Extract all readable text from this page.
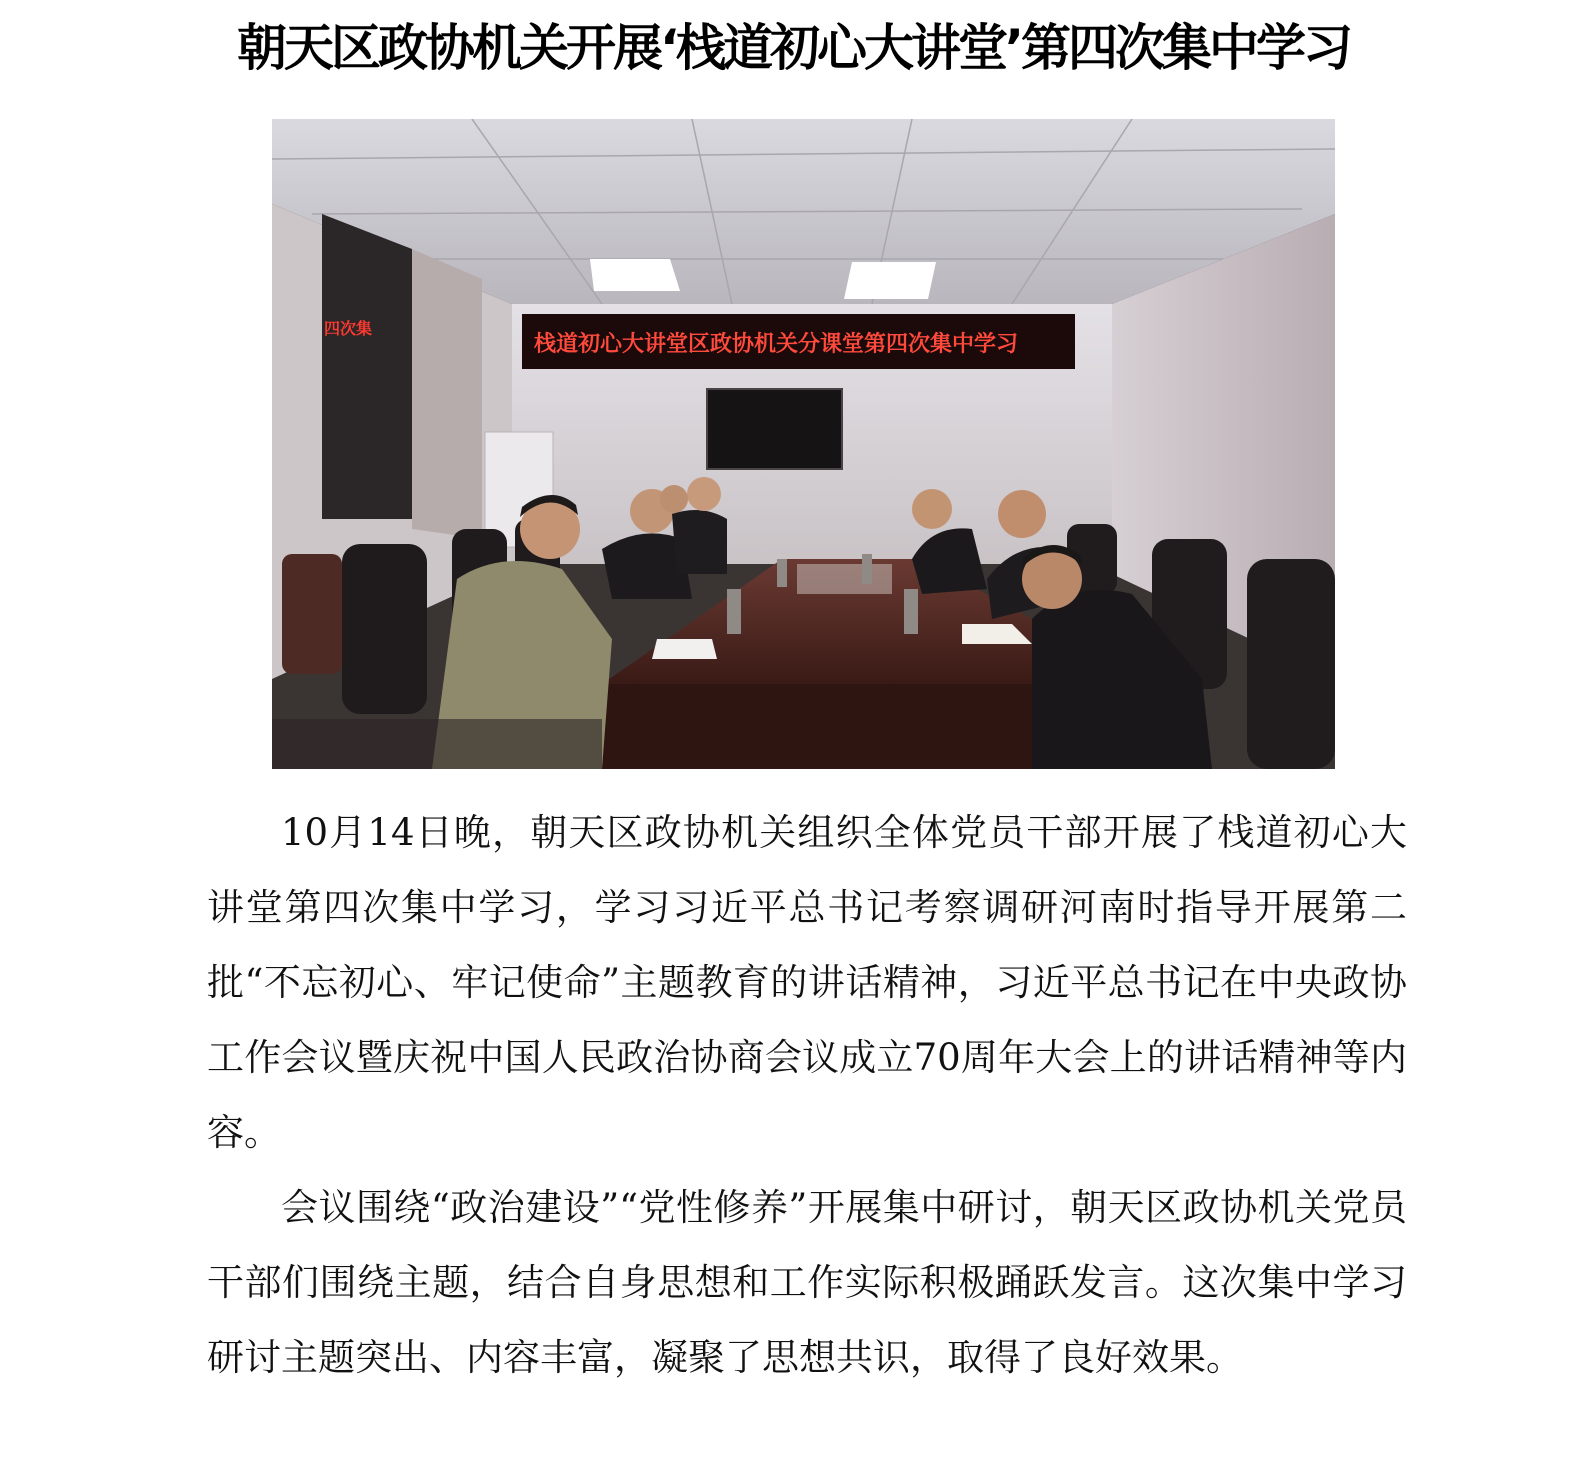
朝天区政协机关开展‘栈道初心大讲堂’第四次集中学习
四次集
栈道初心大讲堂区政协机关分课堂第四次集中学习

10月14日晚，朝天区政协机关组织全体党员干部开展了栈道初心大讲堂第四次集中学习，学习习近平总书记考察调研河南时指导开展第二批“不忘初心、牢记使命”主题教育的讲话精神，习近平总书记在中央政协工作会议暨庆祝中国人民政治协商会议成立70周年大会上的讲话精神等内容。

会议围绕“政治建设”“党性修养”开展集中研讨，朝天区政协机关党员干部们围绕主题，结合自身思想和工作实际积极踊跃发言。这次集中学习研讨主题突出、内容丰富，凝聚了思想共识，取得了良好效果。
